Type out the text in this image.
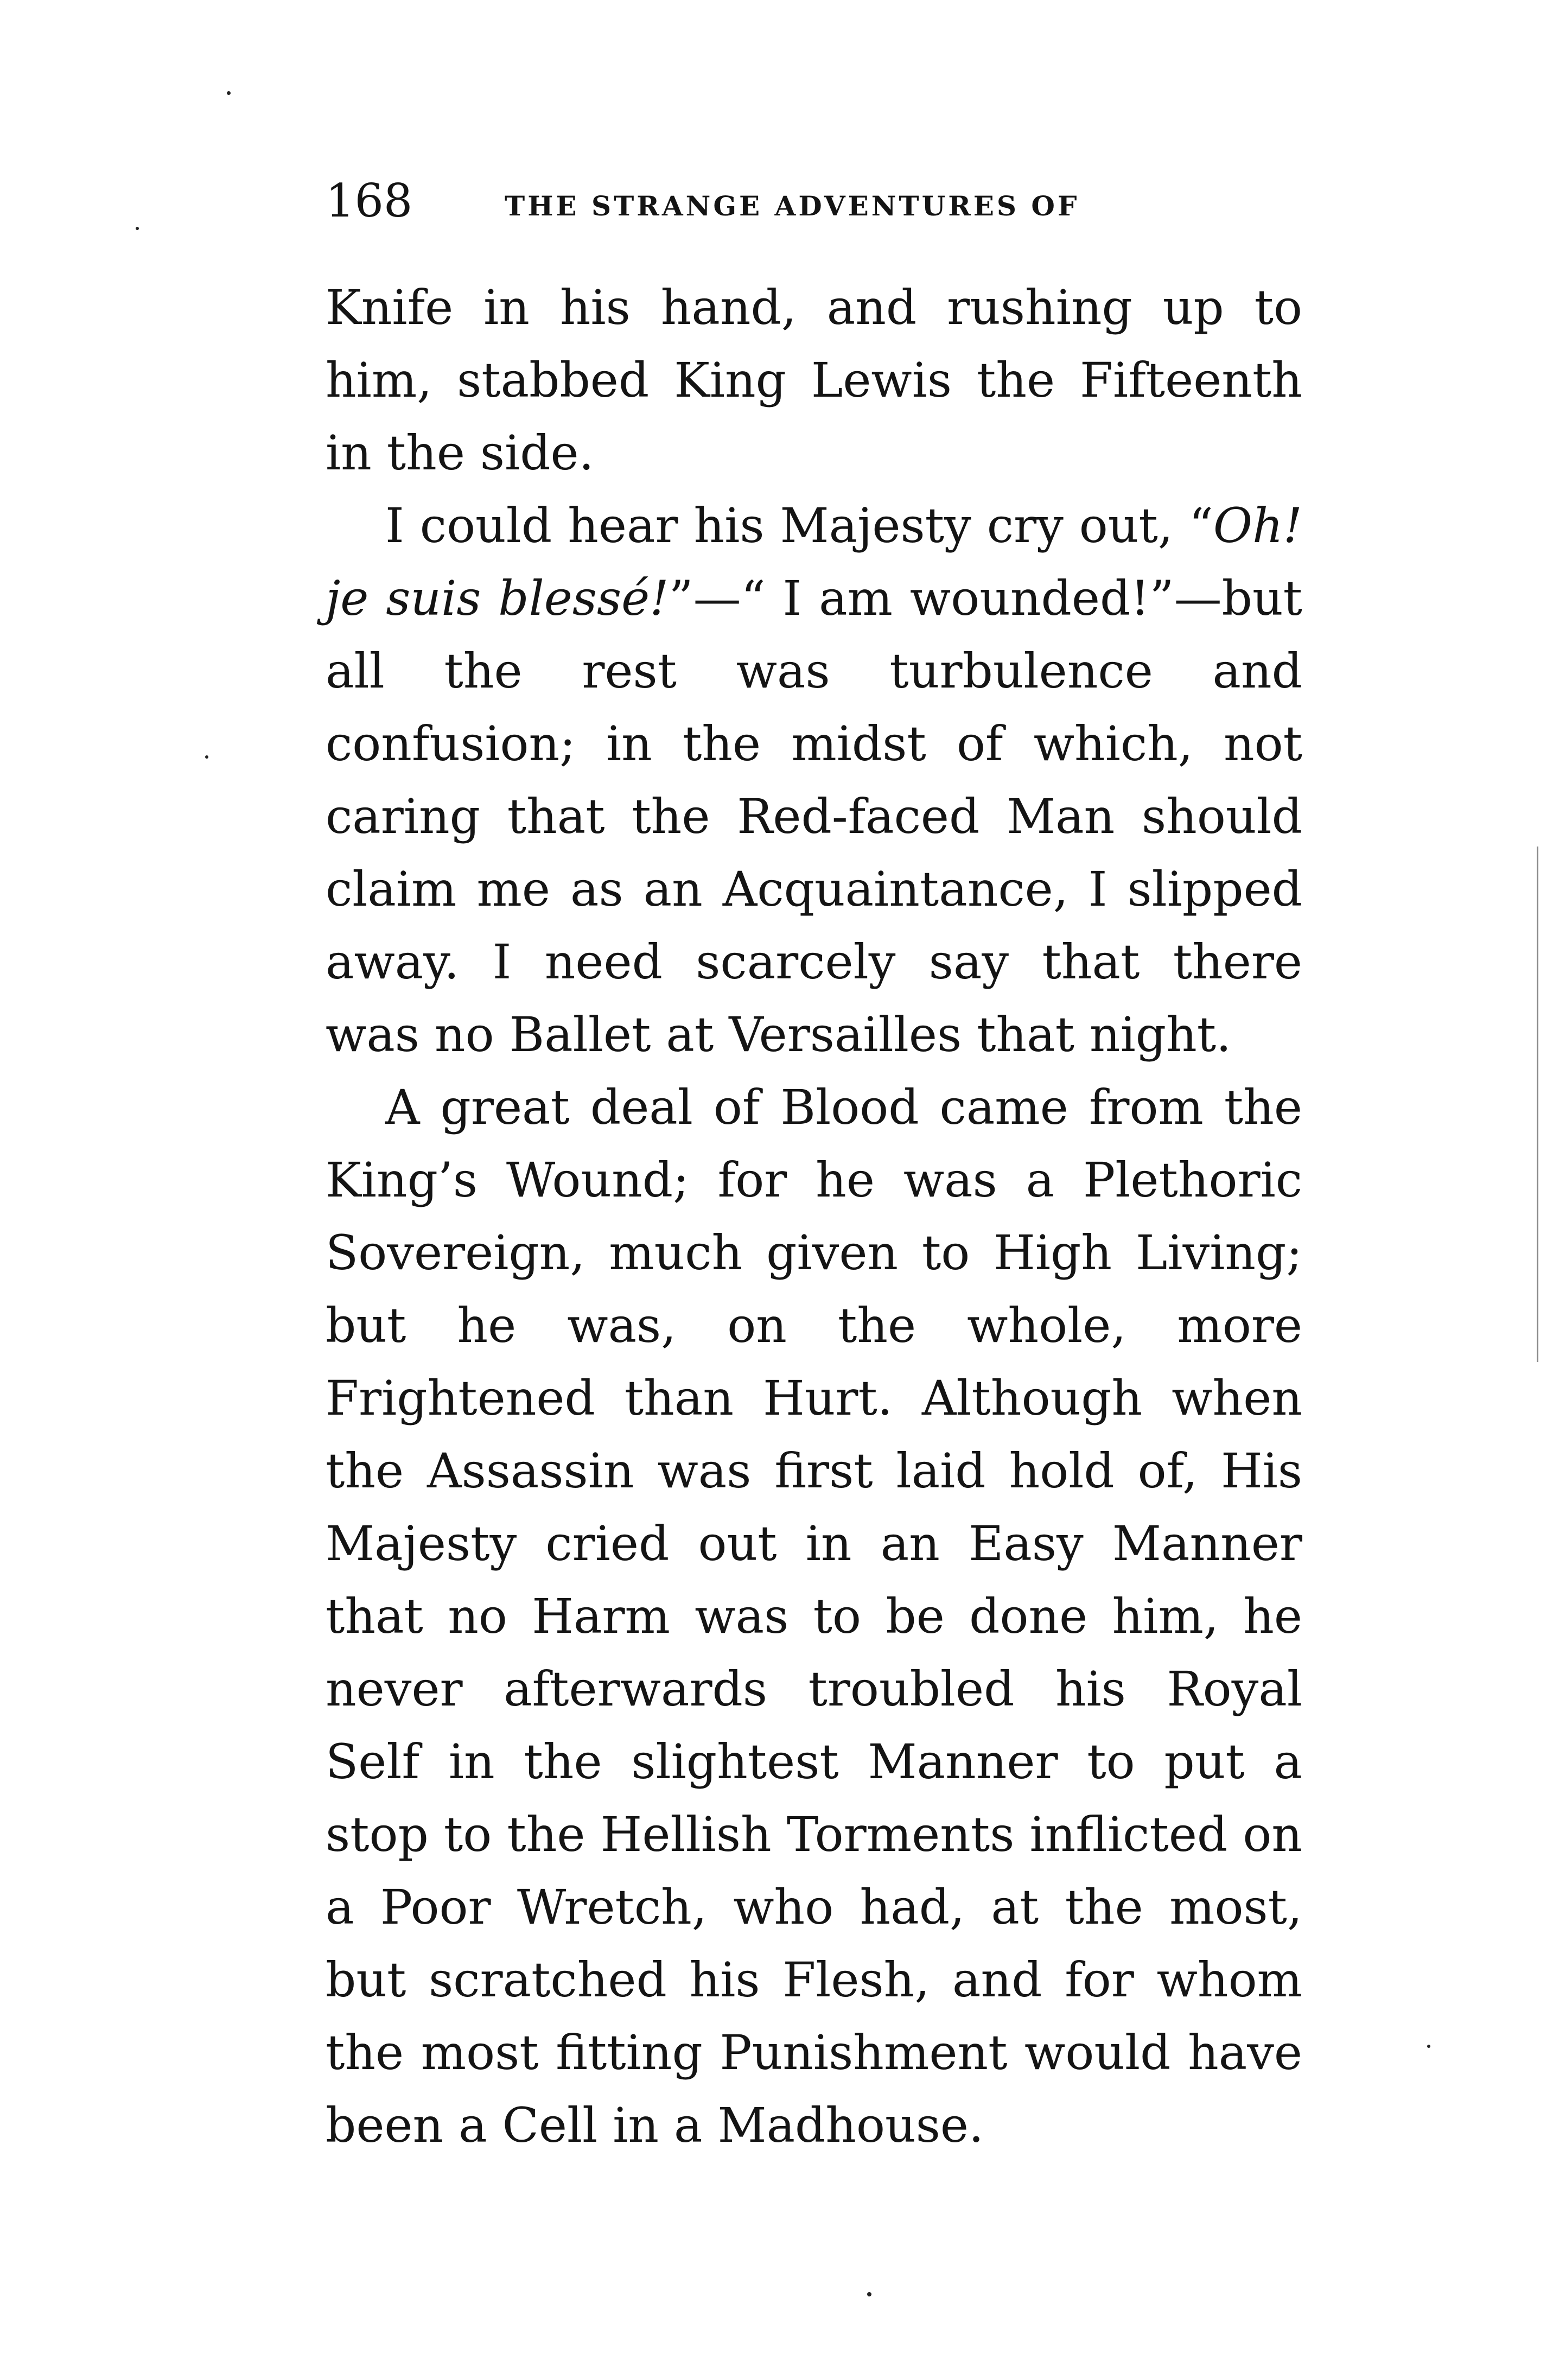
168	THE STRANGE ADVENTURES OF

Knife in his hand, and rushing up to him, stabbed King Lewis the Fifteenth in the side.

I could hear his Majesty cry out, “Oh! je suis blessé!”—“ I am wounded!”—but all the rest was turbulence and confusion; in the midst of which, not caring that the Red-faced Man should claim me as an Acquaintance, I slipped away. I need scarcely say that there was no Ballet at Versailles that night.

A great deal of Blood came from the King’s Wound; for he was a Plethoric Sovereign, much given to High Living; but he was, on the whole, more Frightened than Hurt. Although when the Assassin was first laid hold of, His Majesty cried out in an Easy Manner that no Harm was to be done him, he never afterwards troubled his Royal Self in the slightest Manner to put a stop to the Hellish Torments inflicted on a Poor Wretch, who had, at the most, but scratched his Flesh, and for whom the most fitting Punishment would have been a Cell in a Madhouse.
